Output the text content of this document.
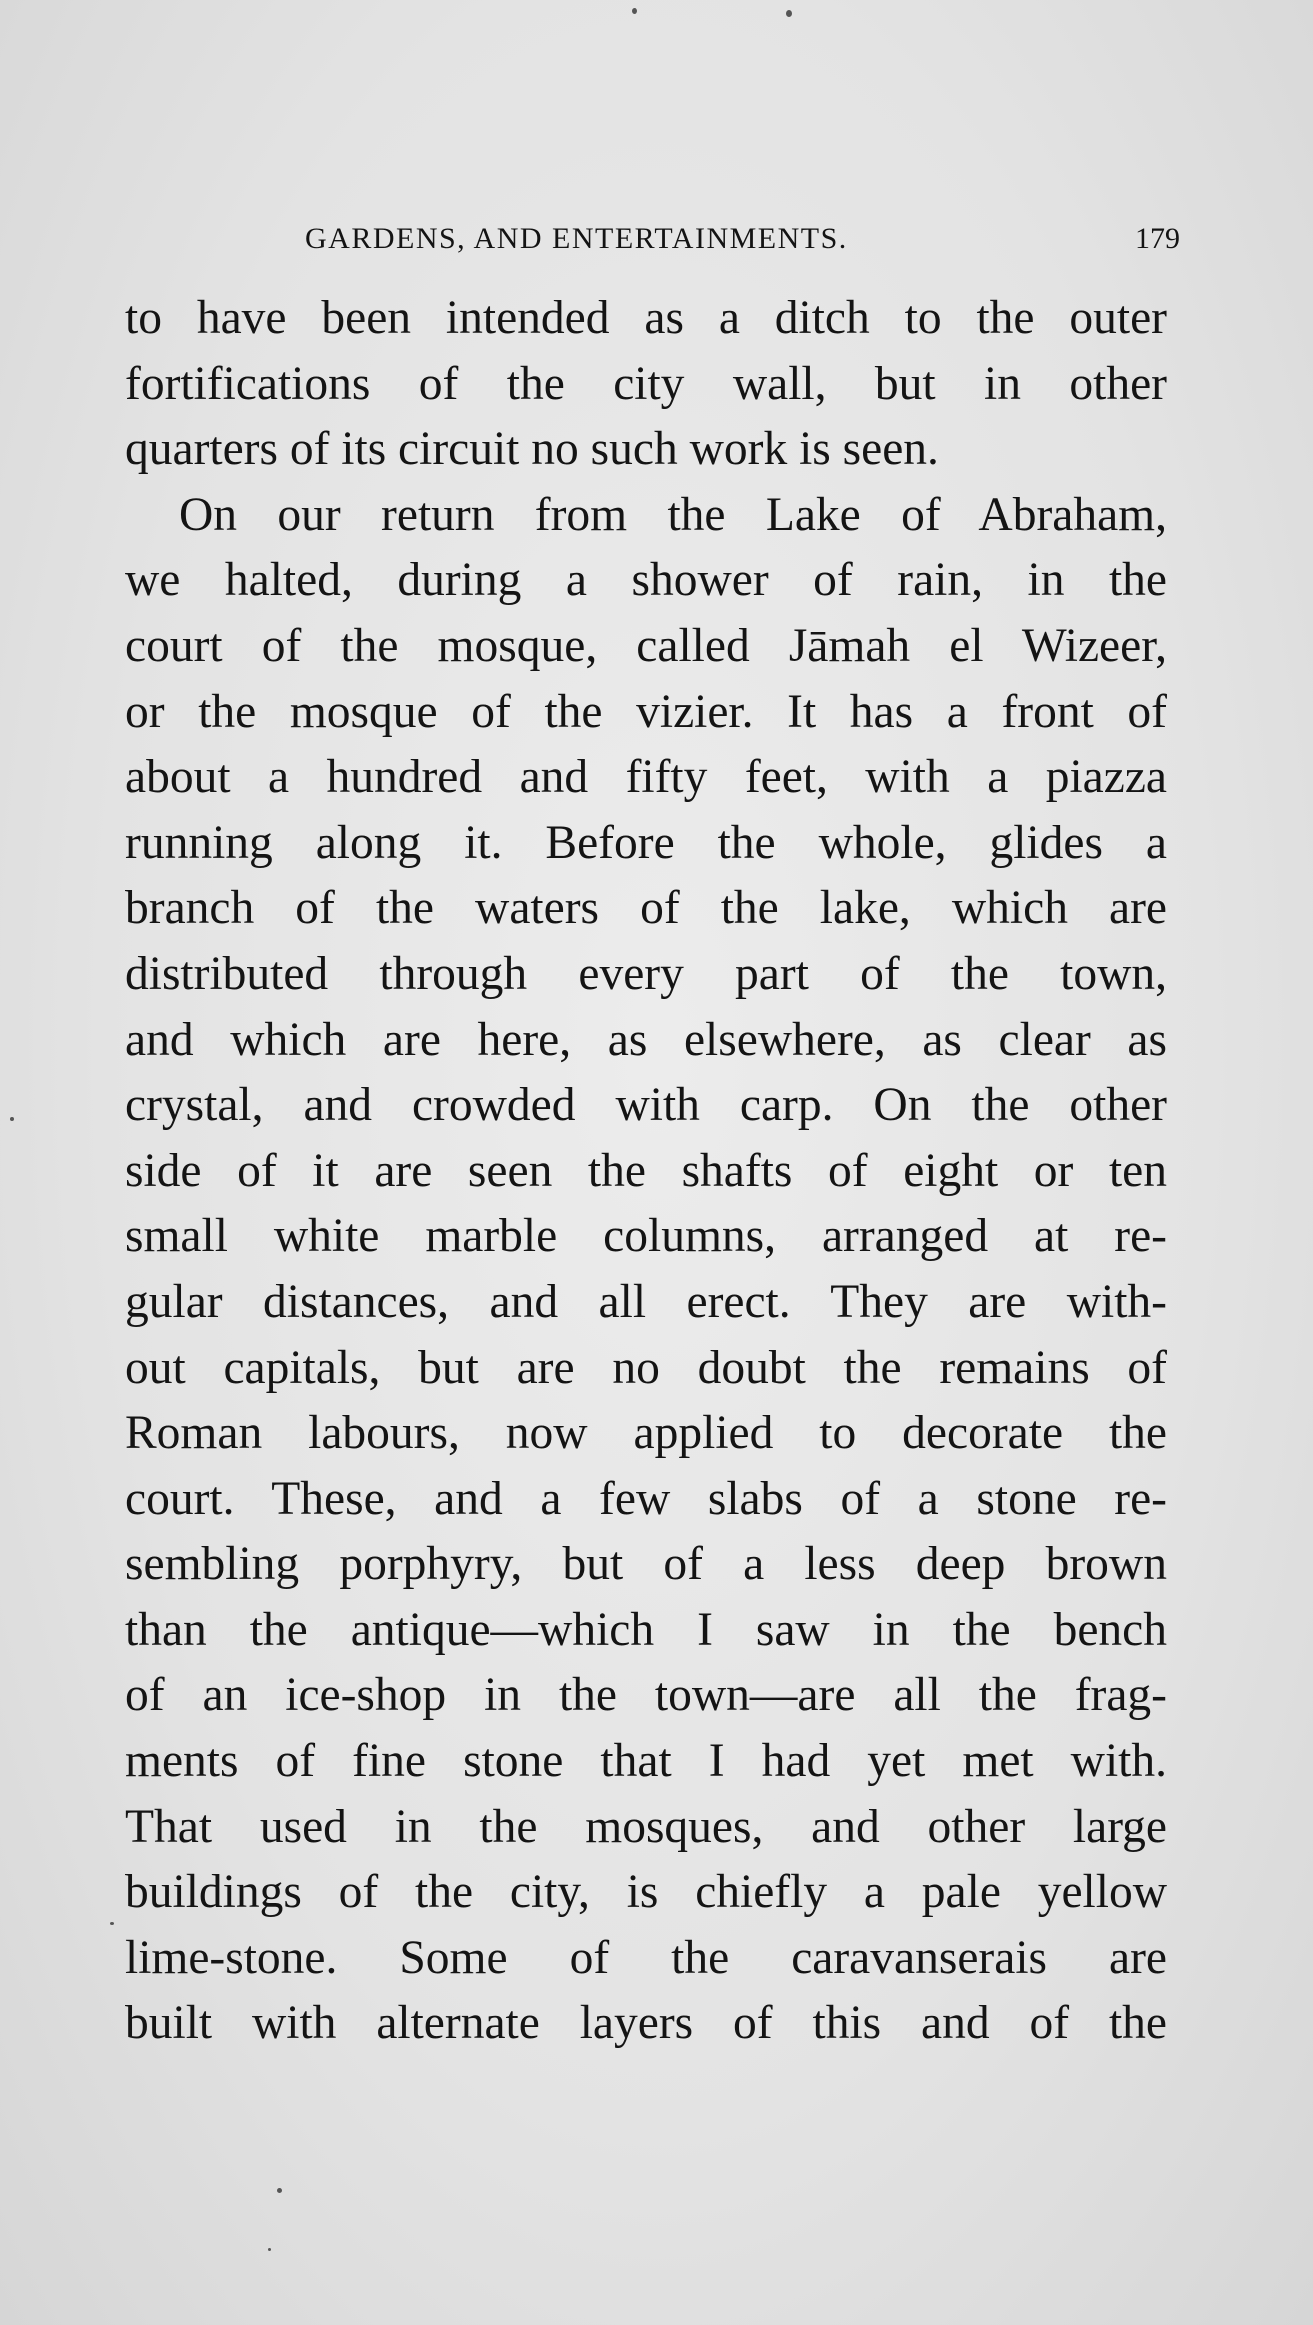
GARDENS, AND ENTERTAINMENTS.	179
to have been intended as a ditch to the outer
fortifications of the city wall, but in other
quarters of its circuit no such work is seen.
On our return from the Lake of Abraham,
we halted, during a shower of rain, in the
court of the mosque, called Jāmah el Wizeer,
or the mosque of the vizier. It has a front of
about a hundred and fifty feet, with a piazza
running along it. Before the whole, glides a
branch of the waters of the lake, which are
distributed through every part of the town,
and which are here, as elsewhere, as clear as
crystal, and crowded with carp. On the other
side of it are seen the shafts of eight or ten
small white marble columns, arranged at re-
gular distances, and all erect. They are with-
out capitals, but are no doubt the remains of
Roman labours, now applied to decorate the
court. These, and a few slabs of a stone re-
sembling porphyry, but of a less deep brown
than the antique—which I saw in the bench
of an ice-shop in the town—are all the frag-
ments of fine stone that I had yet met with.
That used in the mosques, and other large
buildings of the city, is chiefly a pale yellow
lime-stone. Some of the caravanserais are
built with alternate layers of this and of the
